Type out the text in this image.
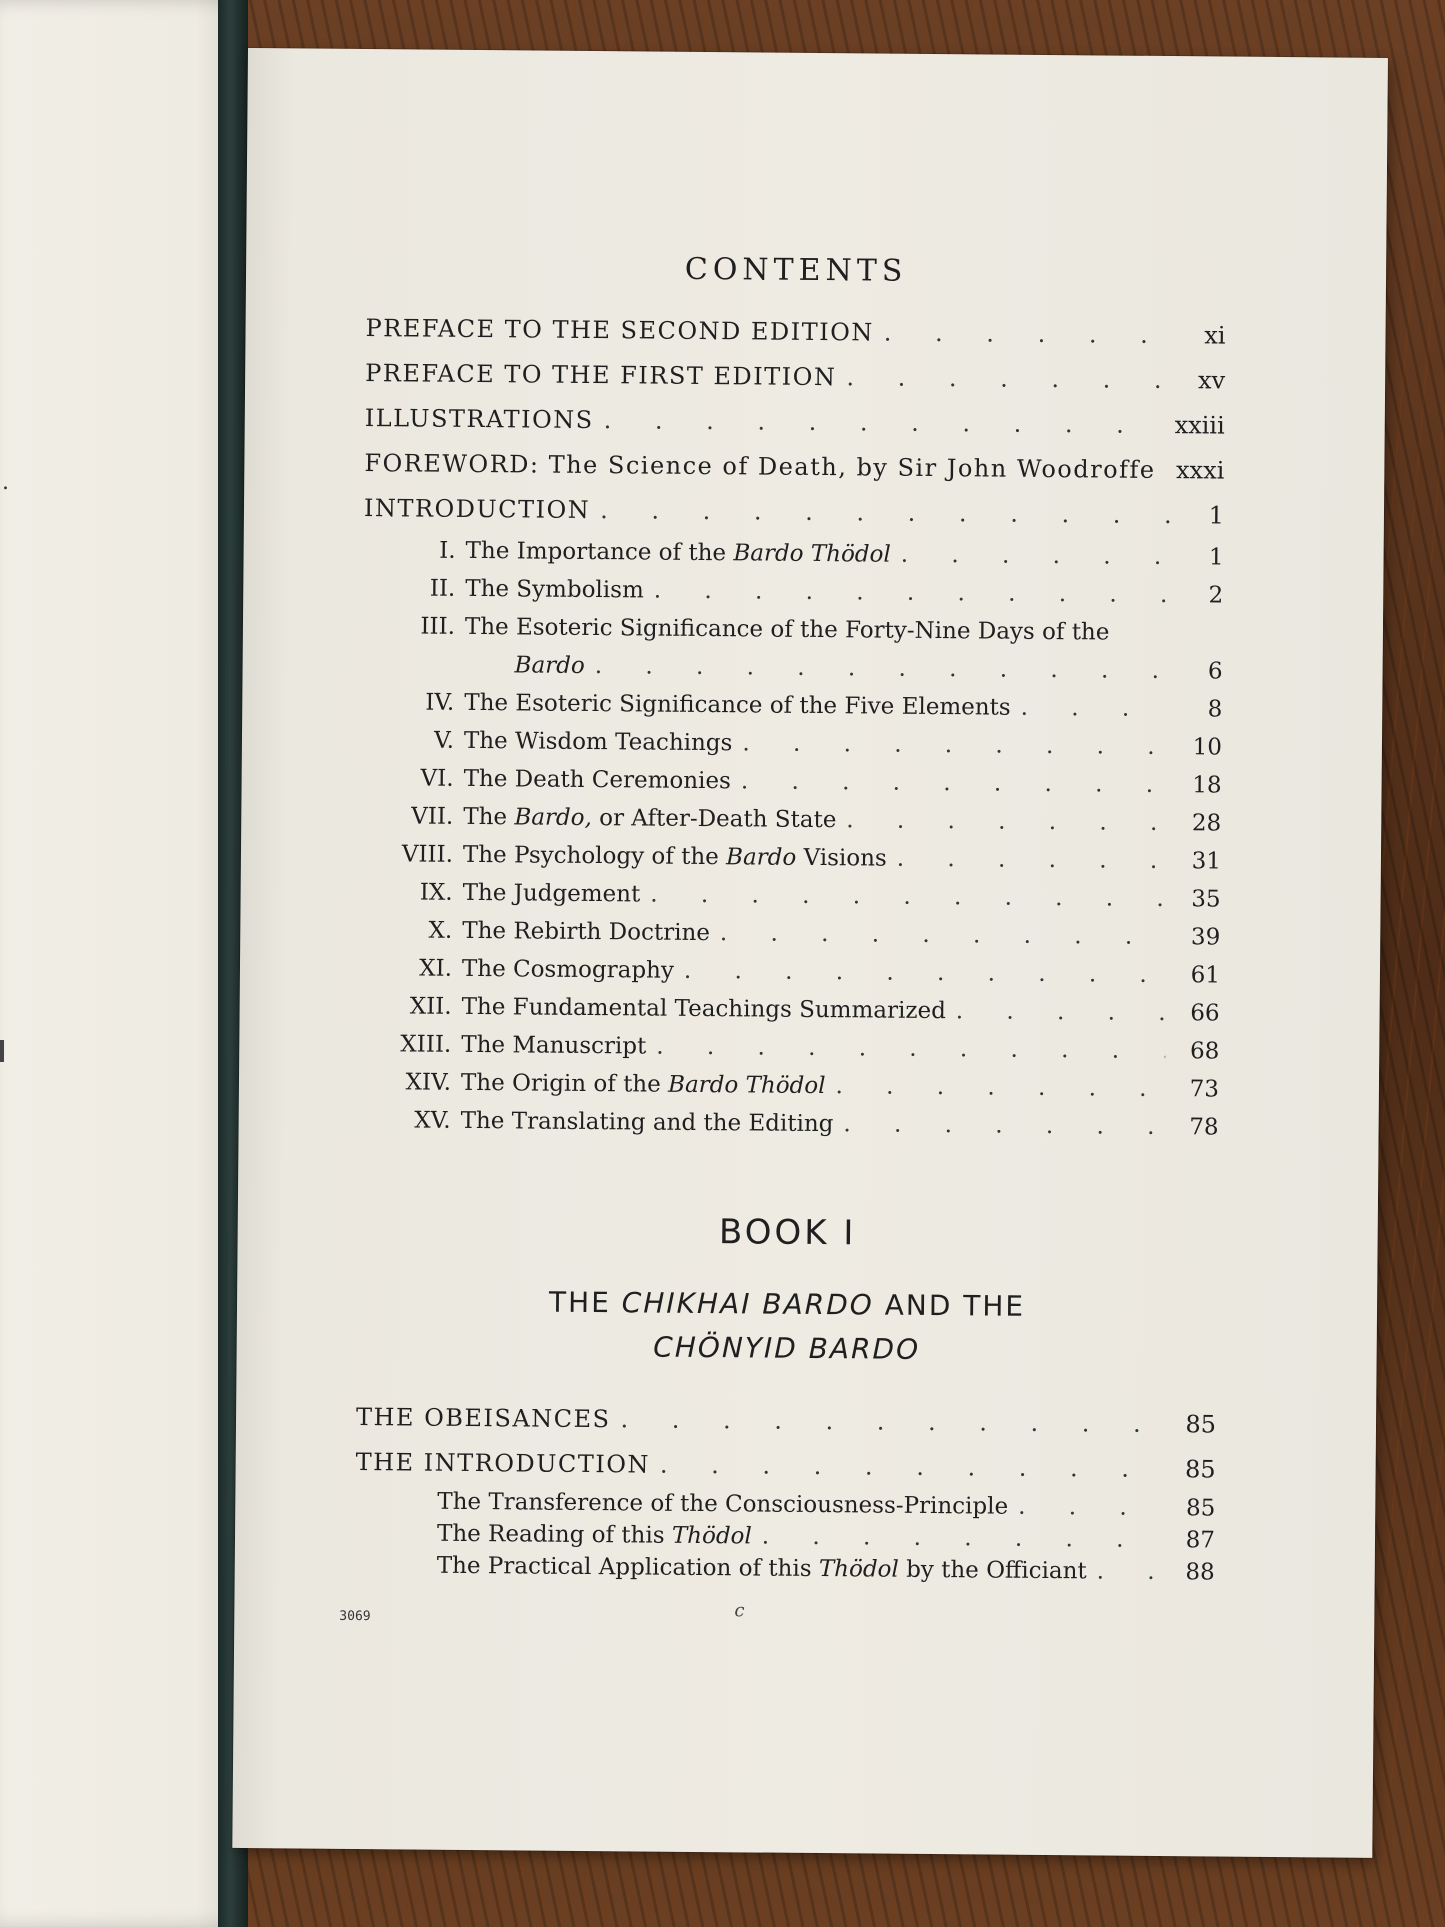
.
CONTENTS
PREFACE TO THE SECOND EDITION . . .	xi
PREFACE TO THE FIRST EDITION . . .	xv
ILLUSTRATIONS . . .	xxiii
FOREWORD: The Science of Death, by Sir John Woodroffe . . . xxxi
INTRODUCTION . . .	1
I. The Importance of the Bardo Thödol . . .	1
II. The Symbolism . . .	2
III. The Esoteric Significance of the Forty-Nine Days of the
Bardo . . .	6
IV. The Esoteric Significance of the Five Elements . . .	8
V. The Wisdom Teachings . . .	10
VI. The Death Ceremonies . . .	18
VII. The Bardo, or After-Death State . . .	28
VIII. The Psychology of the Bardo Visions . . .	31
IX. The Judgement . . .	35
X. The Rebirth Doctrine . . .	39
XI. The Cosmography . . .	61
XII. The Fundamental Teachings Summarized . . .	66
XIII. The Manuscript . . .	68
XIV. The Origin of the Bardo Thödol . . .	73
XV. The Translating and the Editing . . .	78
BOOK I
THE CHIKHAI BARDO AND THE
CHÖNYID BARDO
THE OBEISANCES . . .	85
THE INTRODUCTION . . .	85
The Transference of the Consciousness-Principle . . .	85
The Reading of this Thödol . . .	87
The Practical Application of this Thödol by the Officiant . . .	88
3069	c
